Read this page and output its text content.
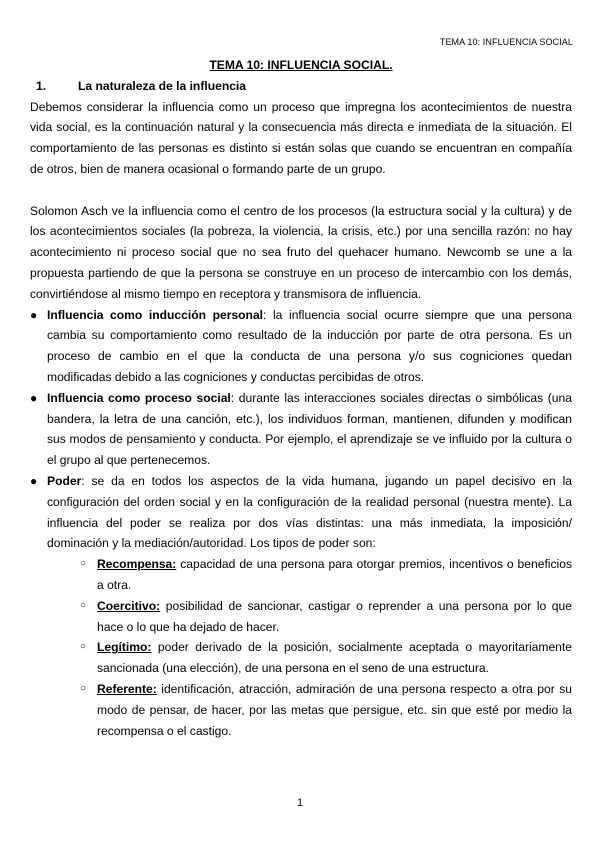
TEMA 10: INFLUENCIA SOCIAL
TEMA 10: INFLUENCIA SOCIAL.
1.	La naturaleza de la influencia

Debemos considerar la influencia como un proceso que impregna los acontecimientos de nuestra vida social, es la continuación natural y la consecuencia más directa e inmediata de la situación. El comportamiento de las personas es distinto si están solas que cuando se encuentran en compañía de otros, bien de manera ocasional o formando parte de un grupo.

Solomon Asch ve la influencia como el centro de los procesos (la estructura social y la cultura) y de los acontecimientos sociales (la pobreza, la violencia, la crisis, etc.) por una sencilla razón: no hay acontecimiento ni proceso social que no sea fruto del quehacer humano. Newcomb se une a la propuesta partiendo de que la persona se construye en un proceso de intercambio con los demás, convirtiéndose al mismo tiempo en receptora y transmisora de influencia.

● Influencia como inducción personal: la influencia social ocurre siempre que una persona cambia su comportamiento como resultado de la inducción por parte de otra persona. Es un proceso de cambio en el que la conducta de una persona y/o sus cogniciones quedan modificadas debido a las cogniciones y conductas percibidas de otros.
● Influencia como proceso social: durante las interacciones sociales directas o simbólicas (una bandera, la letra de una canción, etc.), los individuos forman, mantienen, difunden y modifican sus modos de pensamiento y conducta. Por ejemplo, el aprendizaje se ve influido por la cultura o el grupo al que pertenecemos.
● Poder: se da en todos los aspectos de la vida humana, jugando un papel decisivo en la configuración del orden social y en la configuración de la realidad personal (nuestra mente). La influencia del poder se realiza por dos vías distintas: una más inmediata, la imposición/ dominación y la mediación/autoridad. Los tipos de poder son:
○ Recompensa: capacidad de una persona para otorgar premios, incentivos o beneficios a otra.
○ Coercitivo: posibilidad de sancionar, castigar o reprender a una persona por lo que hace o lo que ha dejado de hacer.
○ Legítimo: poder derivado de la posición, socialmente aceptada o mayoritariamente sancionada (una elección), de una persona en el seno de una estructura.
○ Referente: identificación, atracción, admiración de una persona respecto a otra por su modo de pensar, de hacer, por las metas que persigue, etc. sin que esté por medio la recompensa o el castigo.
1
